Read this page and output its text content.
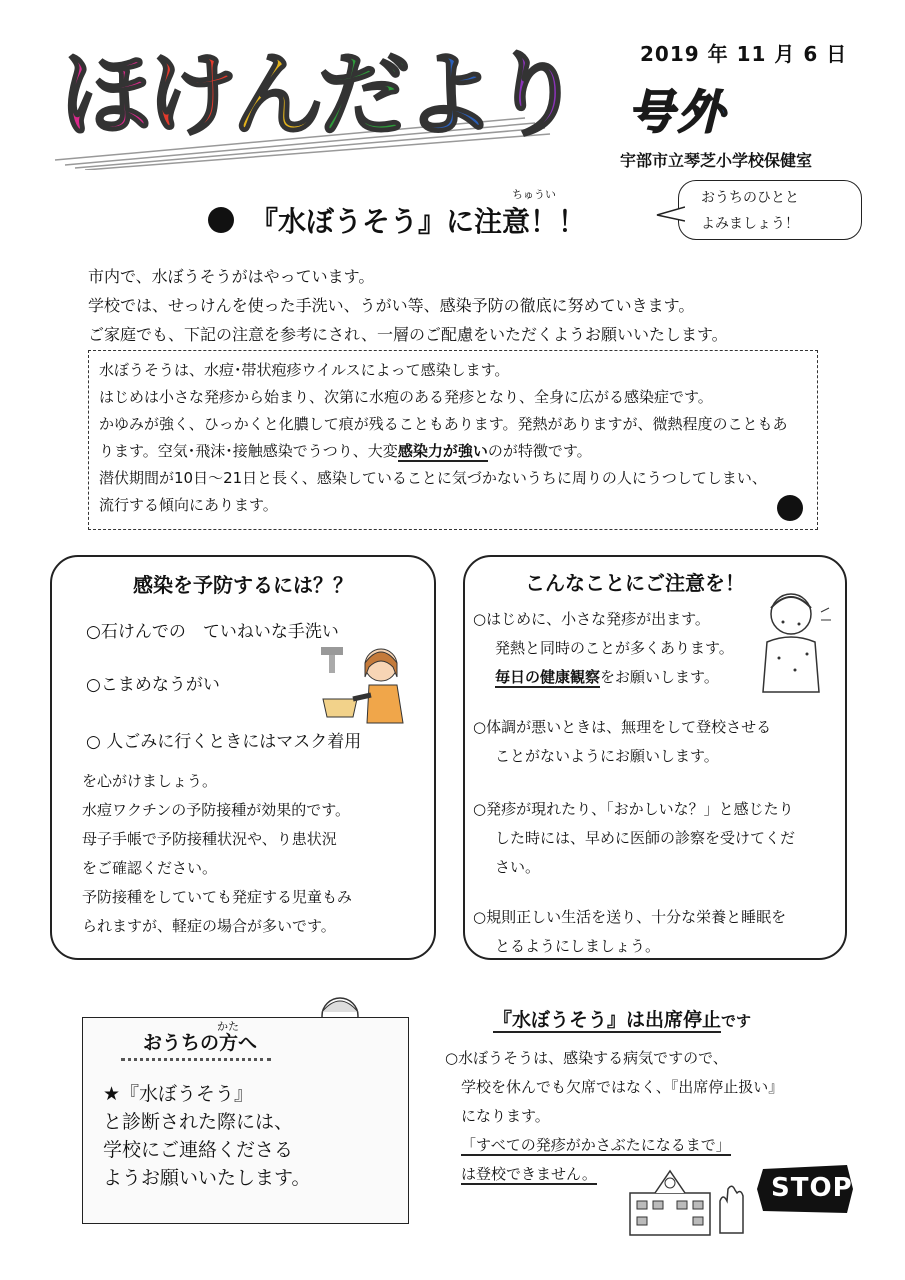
ほ
け
ん
だ
よ
り	2019 年 11 月 6 日
号外
宇部市立琴芝小学校保健室
おうちのひとと
よみましょう！
ちゅうい
『水ぼうそう』に注意！！
市内で、水ぼうそうがはやっています。
学校では、せっけんを使った手洗い、うがい等、感染予防の徹底に努めていきます。
ご家庭でも、下記の注意を参考にされ、一層のご配慮をいただくようお願いいたします。
水ぼうそうは、水痘･帯状疱疹ウイルスによって感染します。
はじめは小さな発疹から始まり、次第に水疱のある発疹となり、全身に広がる感染症です。
かゆみが強く、ひっかくと化膿して痕が残ることもあります。発熱がありますが、微熱程度のこともあ
ります。空気･飛沫･接触感染でうつり、大変感染力が強いのが特徴です。
潜伏期間が10日～21日と長く、感染していることに気づかないうちに周りの人にうつしてしまい、
流行する傾向にあります。
感染を予防するには？？
○石けんでの　ていねいな手洗い
○こまめなうがい
○ 人ごみに行くときにはマスク着用
を心がけましょう。
水痘ワクチンの予防接種が効果的です。
母子手帳で予防接種状況や、り患状況
をご確認ください。
予防接種をしていても発症する児童もみ
られますが、軽症の場合が多いです。
こんなことにご注意を！
○はじめに、小さな発疹が出ます。
発熱と同時のことが多くあります。
毎日の健康観察をお願いします。
○体調が悪いときは、無理をして登校させる
ことがないようにお願いします。
○発疹が現れたり、「おかしいな？」と感じたり
した時には、早めに医師の診察を受けてくだ
さい。
○規則正しい生活を送り、十分な栄養と睡眠を
とるようにしましょう。
かた
おうちの方へ
★『水ぼうそう』
と診断された際には、
学校にご連絡くださる
ようお願いいたします。
『水ぼうそう』は出席停止です
○水ぼうそうは、感染する病気ですので、
学校を休んでも欠席ではなく、『出席停止扱い』
になります。
「すべての発疹がかさぶたになるまで」
は登校できません。	STOP
